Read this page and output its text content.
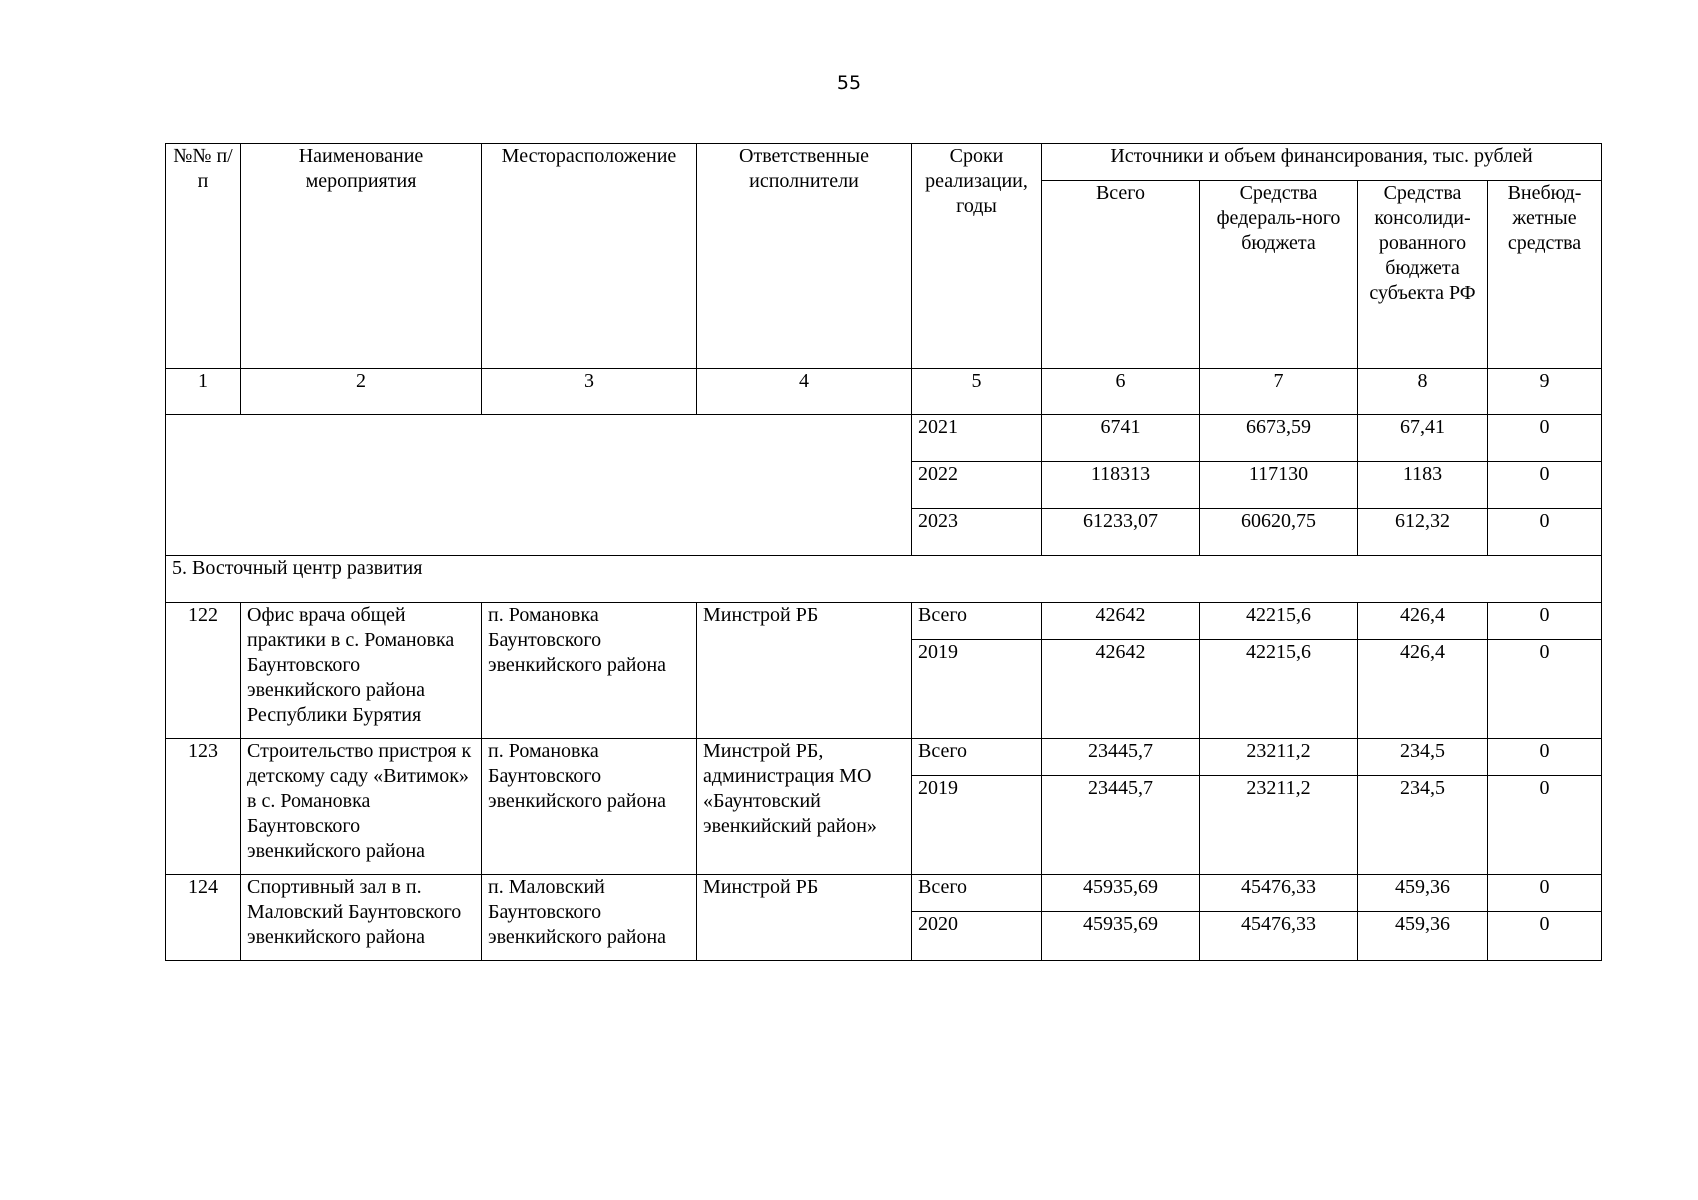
55
№№ п/п	Наименование мероприятия	Месторасположение	Ответственные исполнители	Сроки реализации, годы	Источники и объем финансирования, тыс. рублей			
					Всего	Средства федераль-ного бюджета	Средства консолиди-рованного бюджета субъекта РФ	Внебюд-жетные средства
1	2	3	4	5	6	7	8	9
				2021	6741	6673,59	67,41	0
				2022	118313	117130	1183	0
				2023	61233,07	60620,75	612,32	0
5. Восточный центр развития								
122	Офис врача общей практики в с. Романовка Баунтовского эвенкийского района Республики Бурятия	п. Романовка Баунтовского эвенкийского района	Минстрой РБ	Всего	42642	42215,6	426,4	0
				2019	42642	42215,6	426,4	0
123	Строительство пристроя к детскому саду «Витимок» в с. Романовка Баунтовского эвенкийского района	п. Романовка Баунтовского эвенкийского района	Минстрой РБ, администрация МО «Баунтовский эвенкийский район»	Всего	23445,7	23211,2	234,5	0
				2019	23445,7	23211,2	234,5	0
124	Спортивный зал в п. Маловский Баунтовского эвенкийского района	п. Маловский Баунтовского эвенкийского района	Минстрой РБ	Всего	45935,69	45476,33	459,36	0
				2020	45935,69	45476,33	459,36	0
